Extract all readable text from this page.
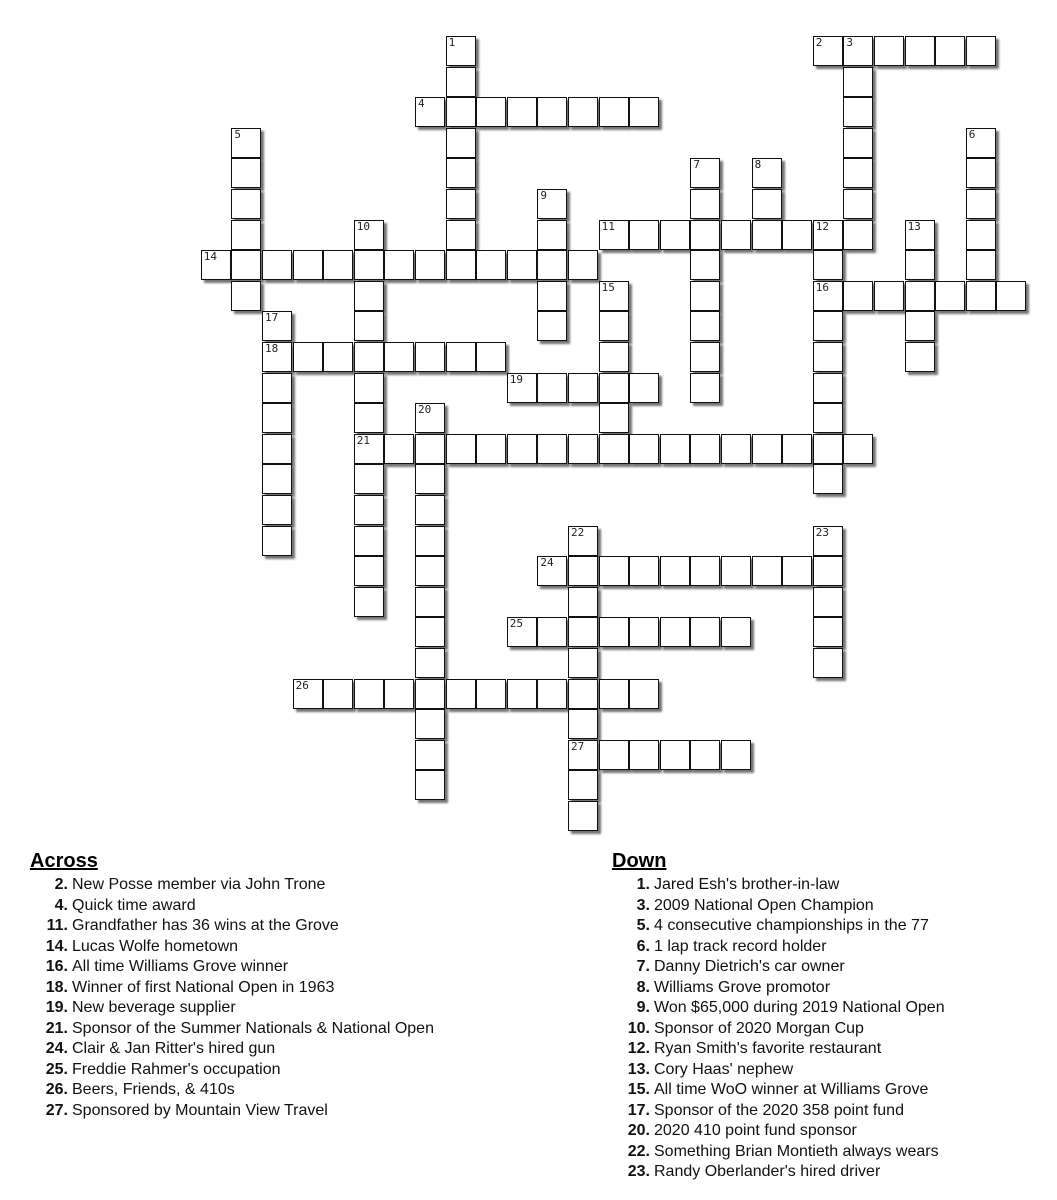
1	2 3
4
5	6
7	8
9
10	11	12	13
14
15	16
17
18
19
20
21
22	23
24
25
26
27
Across
2. New Posse member via John Trone
4. Quick time award
11. Grandfather has 36 wins at the Grove
14. Lucas Wolfe hometown
16. All time Williams Grove winner
18. Winner of first National Open in 1963
19. New beverage supplier
21. Sponsor of the Summer Nationals & National Open
24. Clair & Jan Ritter's hired gun
25. Freddie Rahmer's occupation
26. Beers, Friends, & 410s
27. Sponsored by Mountain View Travel
Down
1. Jared Esh's brother-in-law
3. 2009 National Open Champion
5. 4 consecutive championships in the 77
6. 1 lap track record holder
7. Danny Dietrich's car owner
8. Williams Grove promotor
9. Won $65,000 during 2019 National Open
10. Sponsor of 2020 Morgan Cup
12. Ryan Smith's favorite restaurant
13. Cory Haas' nephew
15. All time WoO winner at Williams Grove
17. Sponsor of the 2020 358 point fund
20. 2020 410 point fund sponsor
22. Something Brian Montieth always wears
23. Randy Oberlander's hired driver
